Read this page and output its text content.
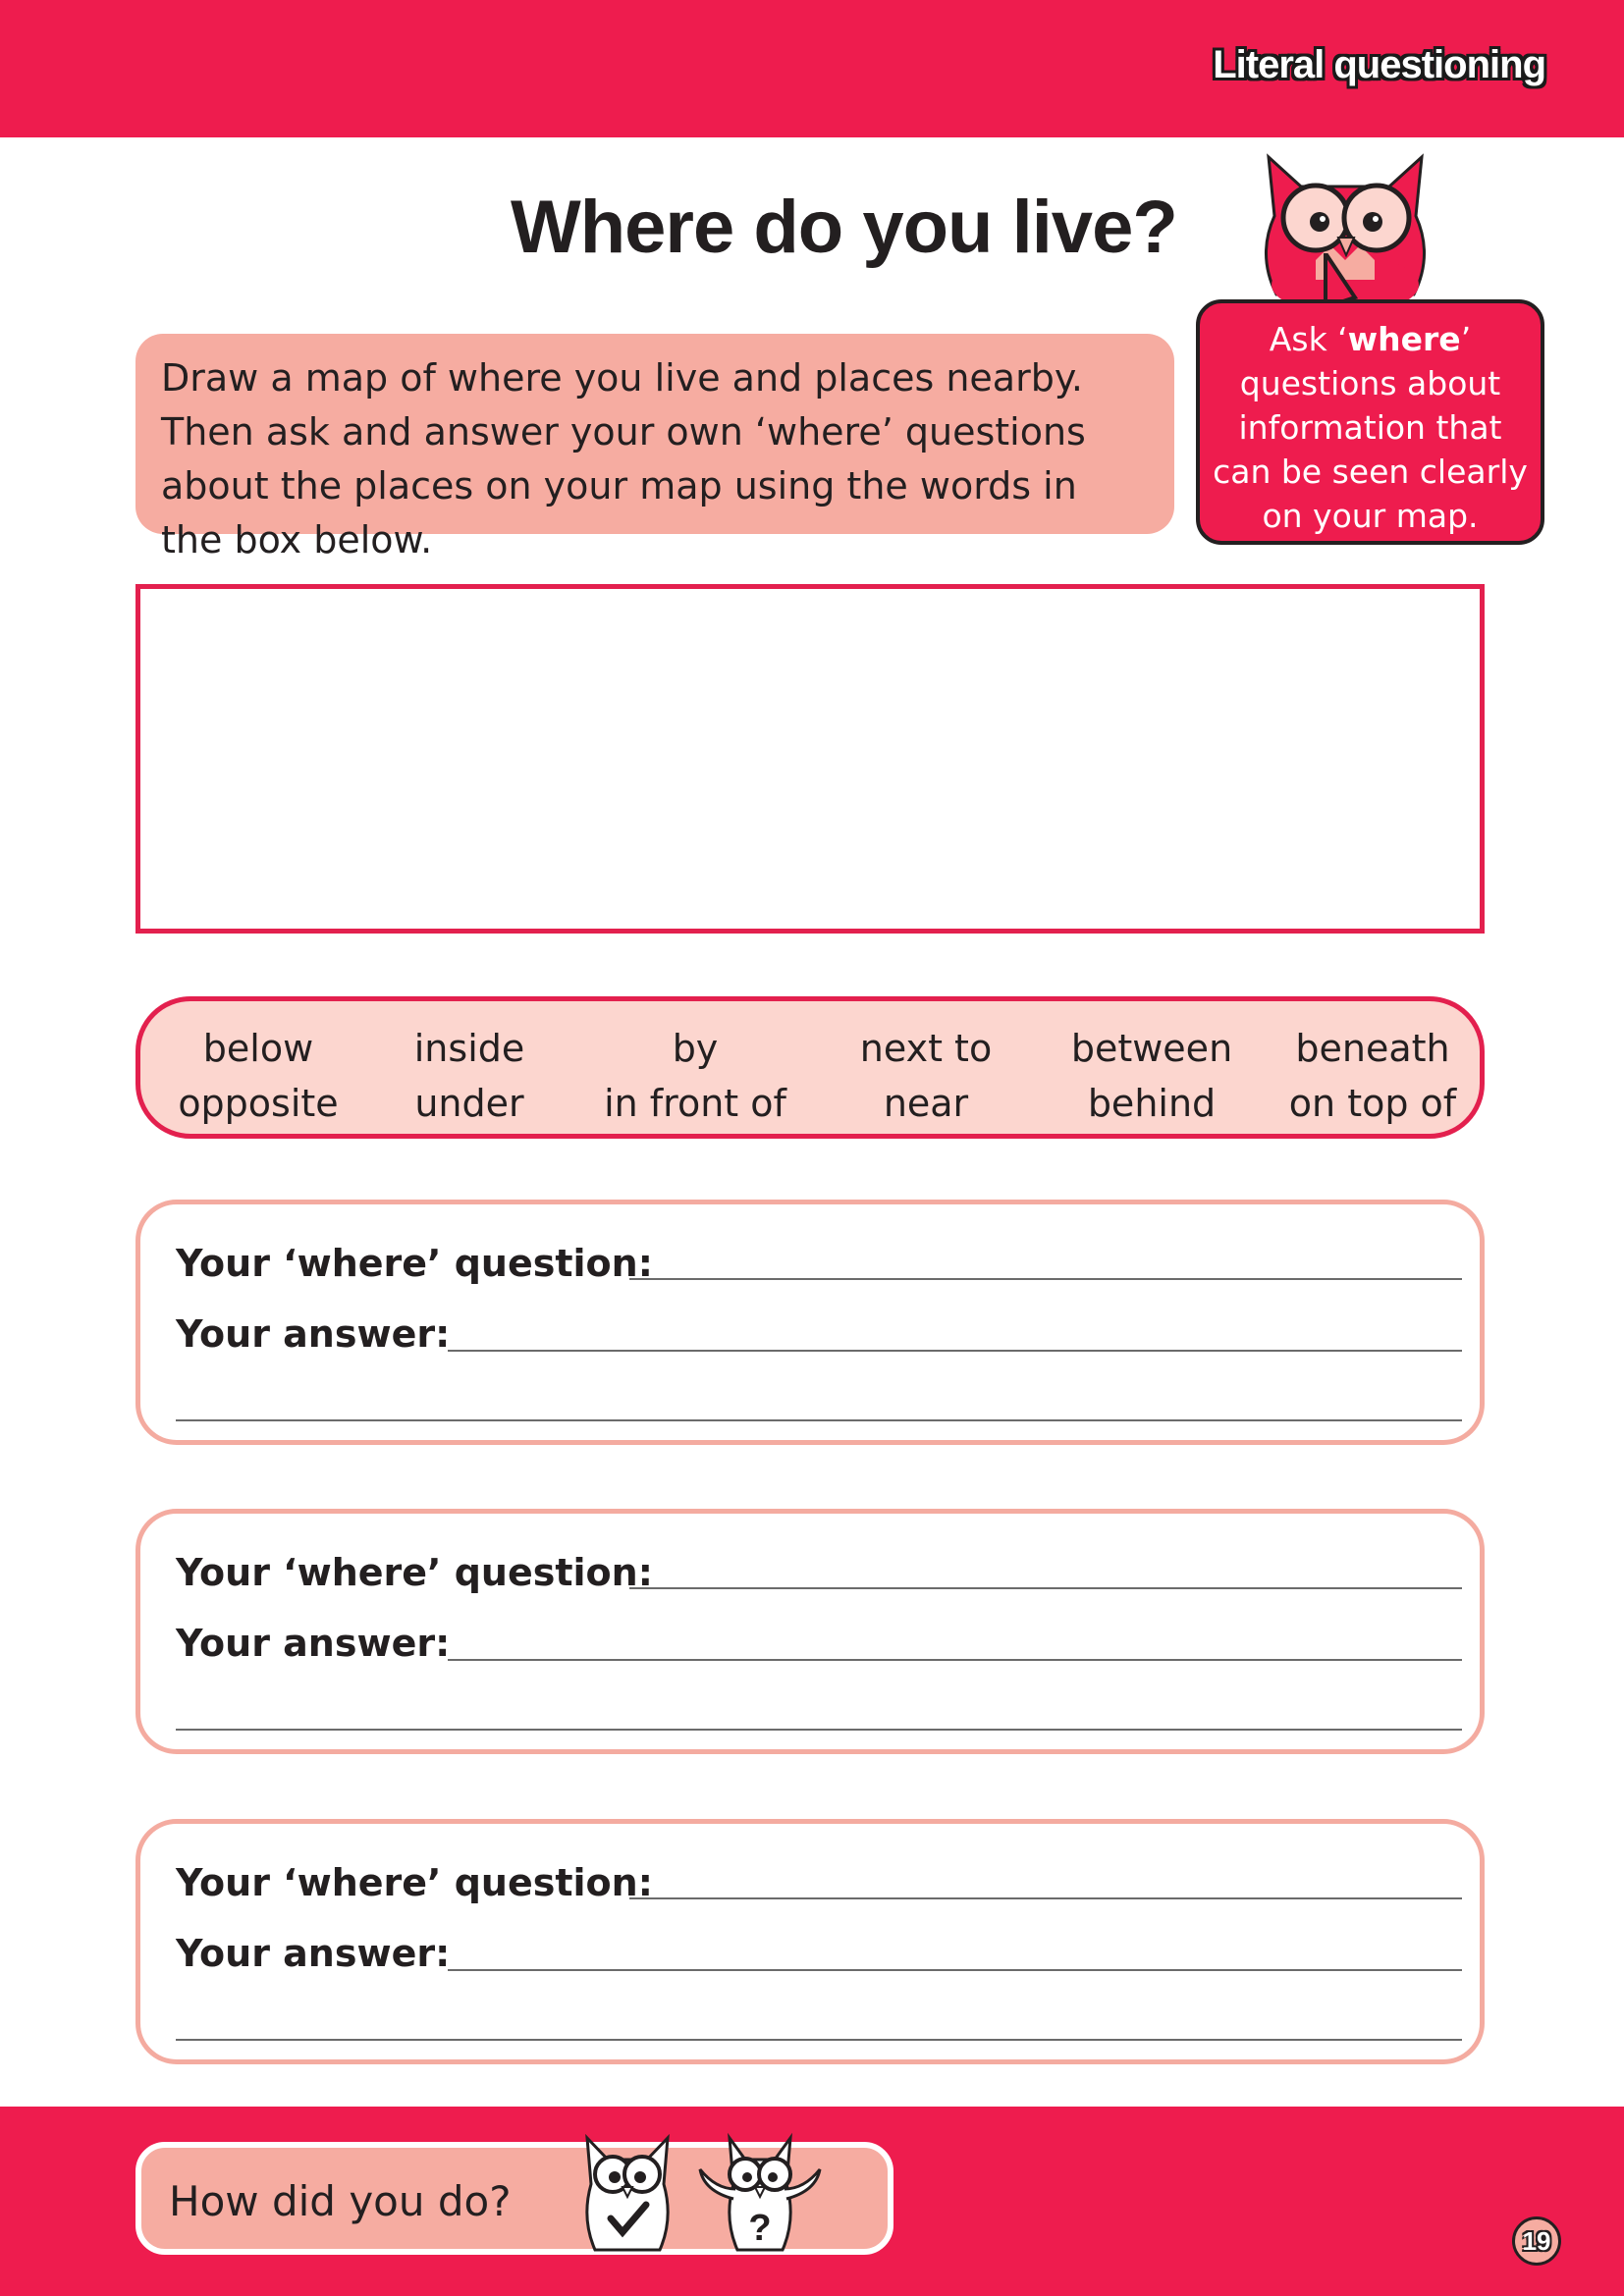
Literal questioning
Where do you live?
Draw a map of where you live and places nearby. Then ask and answer your own ‘where’ questions about the places on your map using the words in the box below.
Ask ‘where’ questions about information that can be seen clearly on your map.
below
opposite
inside
under
by
in front of
next to
near
between
behind
beneath
on top of
Your ‘where’ question:
Your answer:
Your ‘where’ question:
Your answer:
Your ‘where’ question:
Your answer:
How did you do?
?	19
